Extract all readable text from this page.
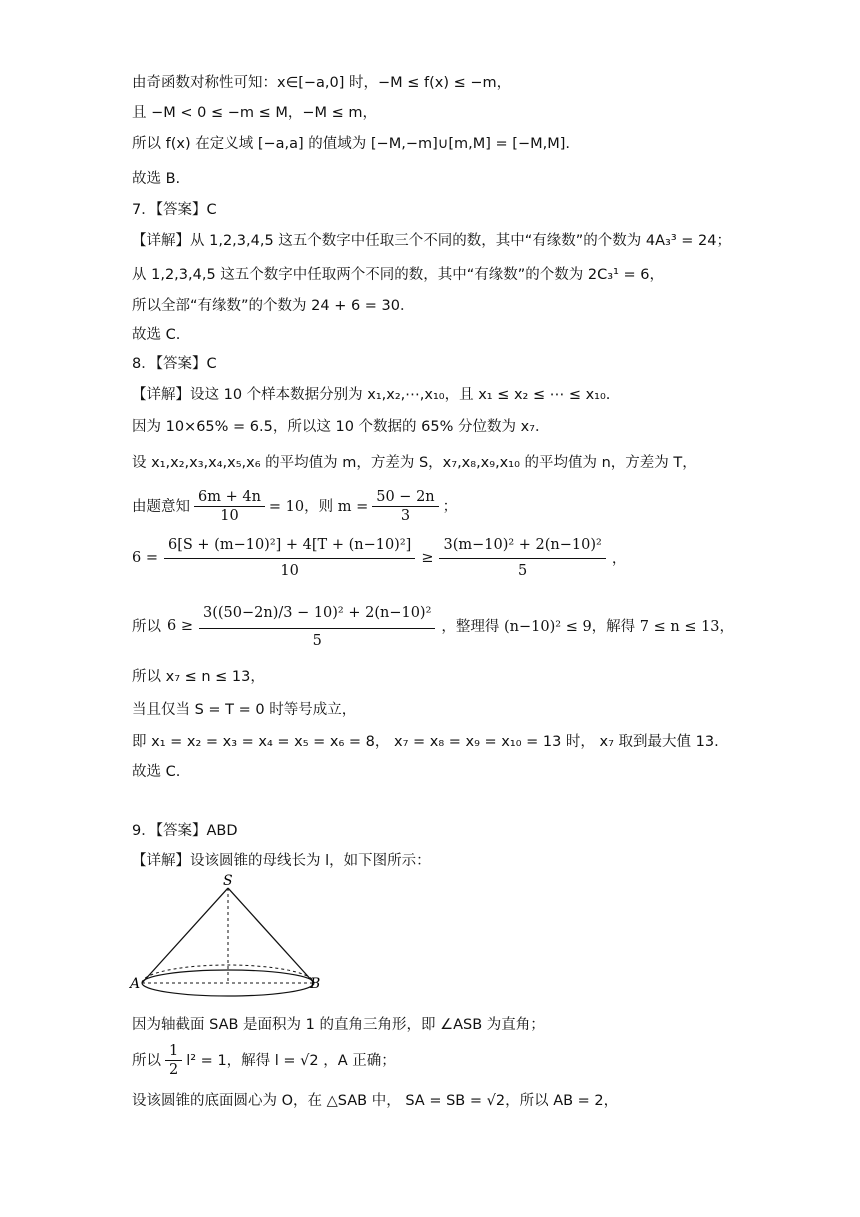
由奇函数对称性可知：x∈[−a,0] 时，−M ≤ f(x) ≤ −m，
且 −M < 0 ≤ −m ≤ M，−M ≤ m，
所以 f(x) 在定义域 [−a,a] 的值域为 [−M,−m]∪[m,M] = [−M,M].
故选 B.
7．【答案】C
【详解】从 1,2,3,4,5 这五个数字中任取三个不同的数，其中“有缘数”的个数为 4A₃³ = 24；
从 1,2,3,4,5 这五个数字中任取两个不同的数，其中“有缘数”的个数为 2C₃¹ = 6，
所以全部“有缘数”的个数为 24 + 6 = 30．
故选 C.
8．【答案】C
【详解】设这 10 个样本数据分别为 x₁,x₂,⋯,x₁₀，且 x₁ ≤ x₂ ≤ ⋯ ≤ x₁₀.
因为 10×65% = 6.5，所以这 10 个数据的 65% 分位数为 x₇．
设 x₁,x₂,x₃,x₄,x₅,x₆ 的平均值为 m，方差为 S，x₇,x₈,x₉,x₁₀ 的平均值为 n，方差为 T，
由题意知 $\frac{6m + 4n}{10} = 10$，则 $m = \frac{50 - 2n}{3}$ ；
$6 = \frac{\text{6[S + (m−10)²] + 4[T + (n−10)²]}}{10} \ge \frac{\text{3(m−10)² + 2(n−10)²}}{5}$ ，
所以 $6 \ge \frac{\text{3((50−2n)/3 − 10)² + 2(n−10)²}}{5}$ ，整理得 (n−10)² ≤ 9，解得 7 ≤ n ≤ 13，
所以 x₇ ≤ n ≤ 13，
当且仅当 S = T = 0 时等号成立，
即 x₁ = x₂ = x₃ = x₄ = x₅ = x₆ = 8， x₇ = x₈ = x₉ = x₁₀ = 13 时， x₇ 取到最大值 13.
故选 C.
9．【答案】ABD
【详解】设该圆锥的母线长为 l，如下图所示：
S
A	B
因为轴截面 SAB 是面积为 1 的直角三角形，即 ∠ASB 为直角；
所以 $\frac{1}{2} l^2 = 1$，解得 l = √2 ，A 正确；
设该圆锥的底面圆心为 O，在 △SAB 中， SA = SB = √2，所以 AB = 2，
